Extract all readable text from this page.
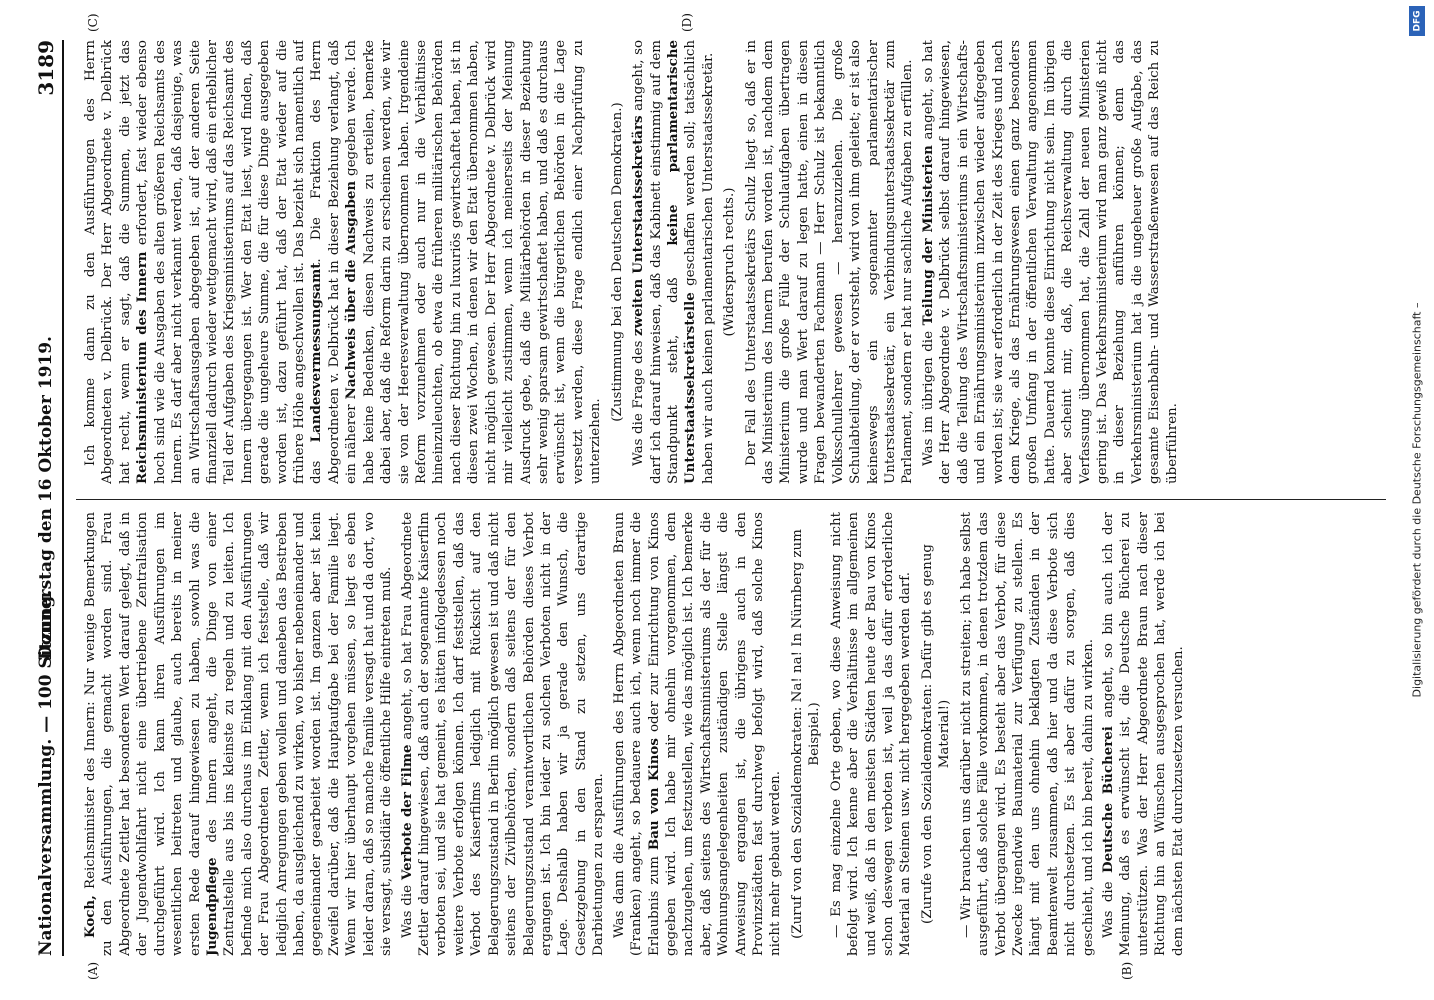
Nationalversammlung. — 100 Sitzung.
Donnerstag den 16 Oktober 1919.
3189
(A)	(B)
(C)	(D)

Koch, Reichsminister des Innern: Nur wenige Bemerkungen zu den Ausführungen, die gemacht worden sind. Frau Abgeordnete Zettler hat besonderen Wert darauf gelegt, daß in der Jugendwohlfahrt nicht eine übertriebene Zentralisation durchgeführt wird. Ich kann ihren Ausführungen im wesentlichen beitreten und glaube, auch bereits in meiner ersten Rede darauf hingewiesen zu haben, sowohl was die Jugendpflege des Innern angeht, die Dinge von einer Zentralstelle aus bis ins kleinste zu regeln und zu leiten. Ich befinde mich also durchaus im Einklang mit den Ausführungen der Frau Abgeordneten Zettler, wenn ich feststelle, daß wir lediglich Anregungen geben wollen und daneben das Bestreben haben, da ausgleichend zu wirken, wo bisher nebeneinander und gegeneinander gearbeitet worden ist. Im ganzen aber ist kein Zweifel darüber, daß die Hauptaufgabe bei der Familie liegt. Wenn wir hier überhaupt vorgehen müssen, so liegt es eben leider daran, daß so manche Familie versagt hat und da dort, wo sie versagt, subsidiär die öffentliche Hilfe eintreten muß. Was die Verbote der Filme angeht, so hat Frau Abgeordnete Zettler darauf hingewiesen, daß auch der sogenannte Kaiserfilm verboten sei, und sie hat gemeint, es hätten infolgedessen noch weitere Verbote erfolgen können. Ich darf feststellen, daß das Verbot des Kaiserfilms lediglich mit Rücksicht auf den Belagerungszustand in Berlin möglich gewesen ist und daß nicht seitens der Zivilbehörden, sondern daß seitens der für den Belagerungszustand verantwortlichen Behörden dieses Verbot ergangen ist. Ich bin leider zu solchen Verboten nicht in der Lage. Deshalb haben wir ja gerade den Wunsch, die Gesetzgebung in den Stand zu setzen, uns derartige Darbietungen zu ersparen. Was dann die Ausführungen des Herrn Abgeordneten Braun (Franken) angeht, so bedauere auch ich, wenn noch immer die Erlaubnis zum Bau von Kinos oder zur Einrichtung von Kinos gegeben wird. Ich habe mir ohnehin vorgenommen, dem nachzugehen, um festzustellen, wie das möglich ist. Ich bemerke aber, daß seitens des Wirtschaftsministeriums als der für die Wohnungsangelegenheiten zuständigen Stelle längst die Anweisung ergangen ist, die übrigens auch in den Provinzstädten fast durchweg befolgt wird, daß solche Kinos nicht mehr gebaut werden. (Zuruf von den Sozialdemokraten: Na! na! In Nürnberg zum Beispiel.) — Es mag einzelne Orte geben, wo diese Anweisung nicht befolgt wird. Ich kenne aber die Verhältnisse im allgemeinen und weiß, daß in den meisten Städten heute der Bau von Kinos schon deswegen verboten ist, weil ja das dafür erforderliche Material an Steinen usw. nicht hergegeben werden darf. (Zurufe von den Sozialdemokraten: Dafür gibt es genug Material!) — Wir brauchen uns darüber nicht zu streiten; ich habe selbst ausgeführt, daß solche Fälle vorkommen, in denen trotzdem das Verbot übergangen wird. Es besteht aber das Verbot, für diese Zwecke irgendwie Baumaterial zur Verfügung zu stellen. Es hängt mit den uns ohnehin beklagten Zuständen in der Beamtenwelt zusammen, daß hier und da diese Verbote sich nicht durchsetzen. Es ist aber dafür zu sorgen, daß dies geschieht, und ich bin bereit, dahin zu wirken. Was die Deutsche Bücherei angeht, so bin auch ich der Meinung, daß es erwünscht ist, die Deutsche Bücherei zu unterstützen. Was der Herr Abgeordnete Braun nach dieser Richtung hin an Wünschen ausgesprochen hat, werde ich bei dem nächsten Etat durchzusetzen versuchen.

Ich komme dann zu den Ausführungen des Herrn Abgeordneten v. Delbrück. Der Herr Abgeordnete v. Delbrück hat recht, wenn er sagt, daß die Summen, die jetzt das Reichsministerium des Innern erfordert, fast wieder ebenso hoch sind wie die Ausgaben des alten größeren Reichsamts des Innern. Es darf aber nicht verkannt werden, daß dasjenige, was an Wirtschaftsausgaben abgegeben ist, auf der anderen Seite finanziell dadurch wieder wettgemacht wird, daß ein erheblicher Teil der Aufgaben des Kriegsministeriums auf das Reichsamt des Innern übergegangen ist. Wer den Etat liest, wird finden, daß gerade die ungeheure Summe, die für diese Dinge ausgegeben worden ist, dazu geführt hat, daß der Etat wieder auf die frühere Höhe angeschwollen ist. Das bezieht sich namentlich auf das Landesvermessungsamt. Die Fraktion des Herrn Abgeordneten v. Delbrück hat in dieser Beziehung verlangt, daß ein näherer Nachweis über die Ausgaben gegeben werde. Ich habe keine Bedenken, diesen Nachweis zu erteilen, bemerke dabei aber, daß die Reform darin zu erscheinen werden, wie wir sie von der Heeresverwaltung übernommen haben. Irgendeine Reform vorzunehmen oder auch nur in die Verhältnisse hineinzuleuchten, ob etwa die früheren militärischen Behörden nach dieser Richtung hin zu luxuriös gewirtschaftet haben, ist in diesen zwei Wochen, in denen wir den Etat übernommen haben, nicht möglich gewesen. Der Herr Abgeordnete v. Delbrück wird mir vielleicht zustimmen, wenn ich meinerseits der Meinung Ausdruck gebe, daß die Militärbehörden in dieser Beziehung sehr wenig sparsam gewirtschaftet haben, und daß es durchaus erwünscht ist, wenn die bürgerlichen Behörden in die Lage versetzt werden, diese Frage endlich einer Nachprüfung zu unterziehen.

(Zustimmung bei den Deutschen Demokraten.) Was die Frage des zweiten Unterstaatssekretärs angeht, so darf ich darauf hinweisen, daß das Kabinett einstimmig auf dem Standpunkt steht, daß keine parlamentarische Unterstaatssekretärstelle geschaffen werden soll; tatsächlich haben wir auch keinen parlamentarischen Unterstaatssekretär. (Widerspruch rechts.) Der Fall des Unterstaatssekretärs Schulz liegt so, daß er in das Ministerium des Innern berufen worden ist, nachdem dem Ministerium die große Fülle der Schulaufgaben übertragen wurde und man Wert darauf zu legen hatte, einen in diesen Fragen bewanderten Fachmann — Herr Schulz ist bekanntlich Volksschullehrer gewesen — heranzuziehen. Die große Schulabteilung, der er vorsteht, wird von ihm geleitet; er ist also keineswegs ein sogenannter parlamentarischer Unterstaatssekretär, ein Verbindungsunterstaatssekretär zum Parlament, sondern er hat nur sachliche Aufgaben zu erfüllen. Was im übrigen die Teilung der Ministerien angeht, so hat der Herr Abgeordnete v. Delbrück selbst darauf hingewiesen, daß die Teilung des Wirtschaftsministeriums in ein Wirtschafts- und ein Ernährungsministerium inzwischen wieder aufgegeben worden ist; sie war erforderlich in der Zeit des Krieges und nach dem Kriege, als das Ernährungswesen einen ganz besonders großen Umfang in der öffentlichen Verwaltung angenommen hatte. Dauernd konnte diese Einrichtung nicht sein. Im übrigen aber scheint mir, daß, die Reichsverwaltung durch die Verfassung übernommen hat, die Zahl der neuen Ministerien gering ist. Das Verkehrsministerium wird man ganz gewiß nicht in dieser Beziehung anführen können; denn das Verkehrsministerium hat ja die ungeheuer große Aufgabe, das gesamte Eisenbahn- und Wasserstraßenwesen auf das Reich zu überführen.

DFG
Digitalisierung gefördert durch die Deutsche Forschungsgemeinschaft –
